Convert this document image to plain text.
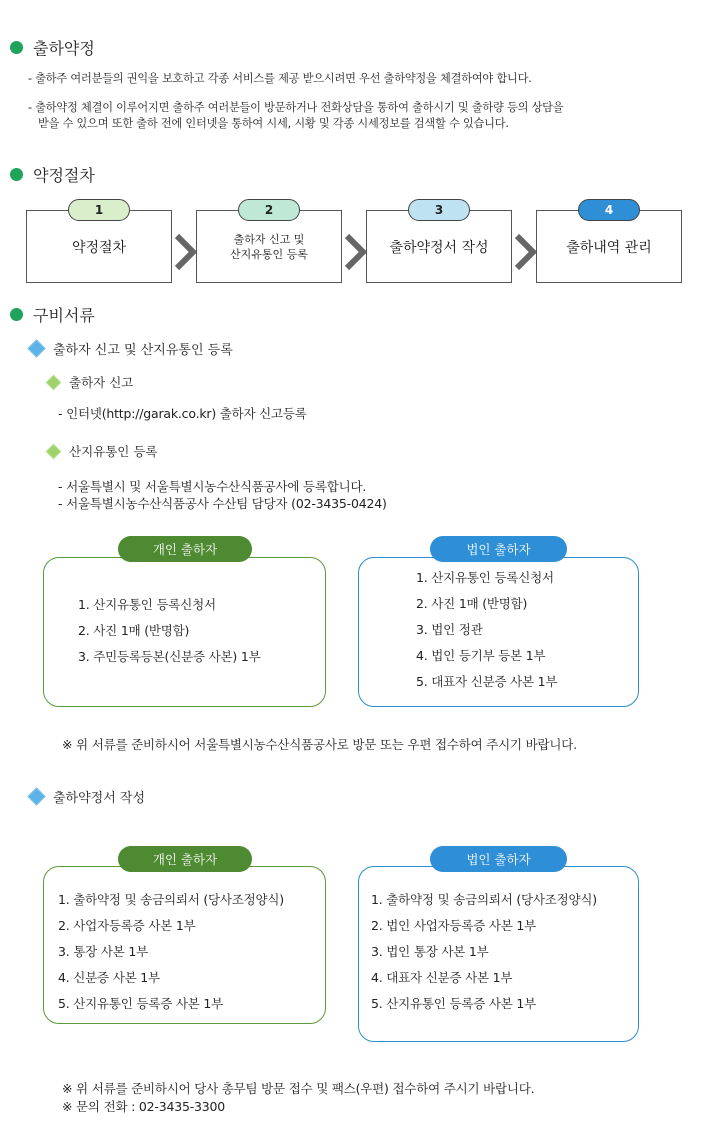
출하약정
- 출하주 여러분들의 권익을 보호하고 각종 서비스를 제공 받으시려면 우선 출하약정을 체결하여야 합니다.
- 출하약정 체결이 이루어지면 출하주 여러분들이 방문하거나 전화상담을 통하여 출하시기 및 출하량 등의 상담을
받을 수 있으며 또한 출하 전에 인터넷을 통하여 시세, 시황 및 각종 시세정보를 검색할 수 있습니다.
약정절차
약정절차
1
출하자 신고 및
산지유통인 등록
2
출하약정서 작성
3
출하내역 관리
4
구비서류
출하자 신고 및 산지유통인 등록
출하자 신고
- 인터넷(http://garak.co.kr) 출하자 신고등록
산지유통인 등록
- 서울특별시 및 서울특별시농수산식품공사에 등록합니다.
- 서울특별시농수산식품공사 수산팀 담당자 (02-3435-0424)
1. 산지유통인 등록신청서
2. 사진 1매 (반명함)
3. 주민등록등본(신분증 사본) 1부
개인 출하자
1. 산지유통인 등록신청서
2. 사진 1매 (반명함)
3. 법인 정관
4. 법인 등기부 등본 1부
5. 대표자 신분증 사본 1부
법인 출하자
※ 위 서류를 준비하시어 서울특별시농수산식품공사로 방문 또는 우편 접수하여 주시기 바랍니다.
출하약정서 작성
1. 출하약정 및 송금의뢰서 (당사조정양식)
2. 사업자등록증 사본 1부
3. 통장 사본 1부
4. 신분증 사본 1부
5. 산지유통인 등록증 사본 1부
개인 출하자
1. 출하약정 및 송금의뢰서 (당사조정양식)
2. 법인 사업자등록증 사본 1부
3. 법인 통장 사본 1부
4. 대표자 신분증 사본 1부
5. 산지유통인 등록증 사본 1부
법인 출하자
※ 위 서류를 준비하시어 당사 총무팀 방문 접수 및 팩스(우편) 접수하여 주시기 바랍니다.
※ 문의 전화 : 02-3435-3300
